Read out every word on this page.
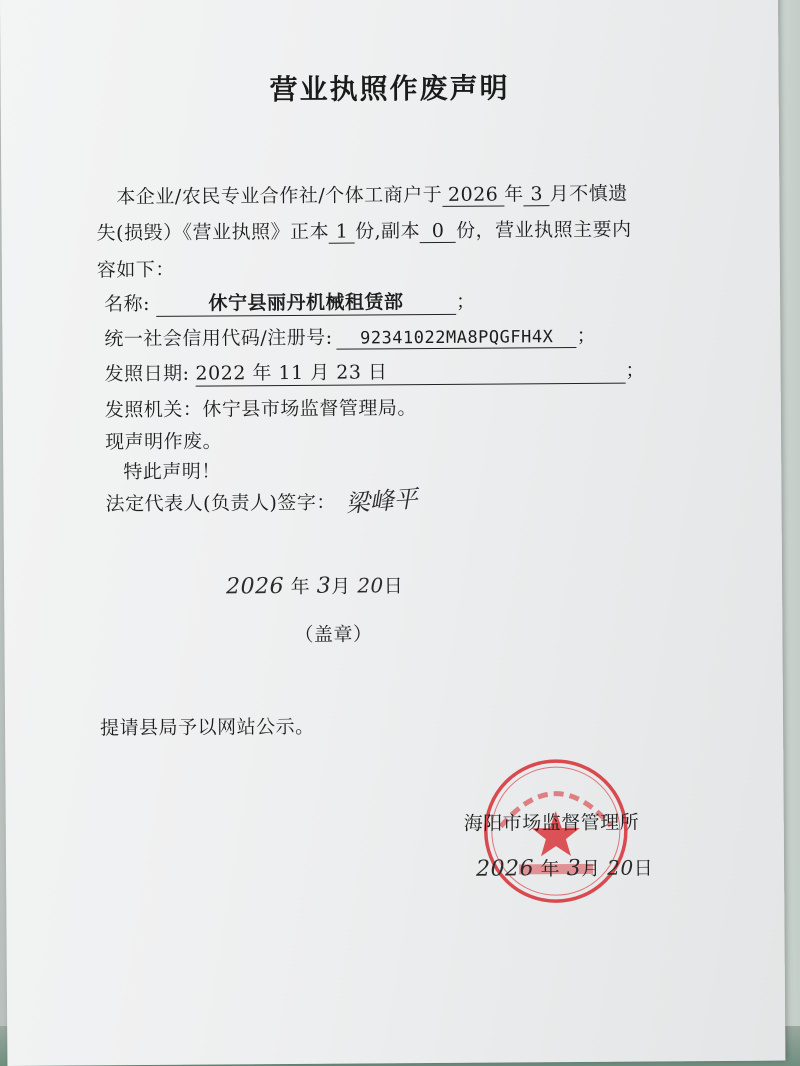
营业执照作废声明
本企业/农民专业合作社/个体工商户于 2026 年 3 月不慎遗
失(损毁）《营业执照》正本 1 份,副本 0 份，营业执照主要内
容如下：
名称:	休宁县丽丹机械租赁部	；
统一社会信用代码/注册号: 92341022MA8PQGFH4X ；
发照日期: 2022 年 11 月 23 日	；
发照机关：休宁县市场监督管理局。
现声明作废。
特此声明！
法定代表人(负责人)签字： 梁峰平
2026 年 3月 20日
（盖章）
提请县局予以网站公示。
海阳市场监督管理所
2026 年 3月 20日
